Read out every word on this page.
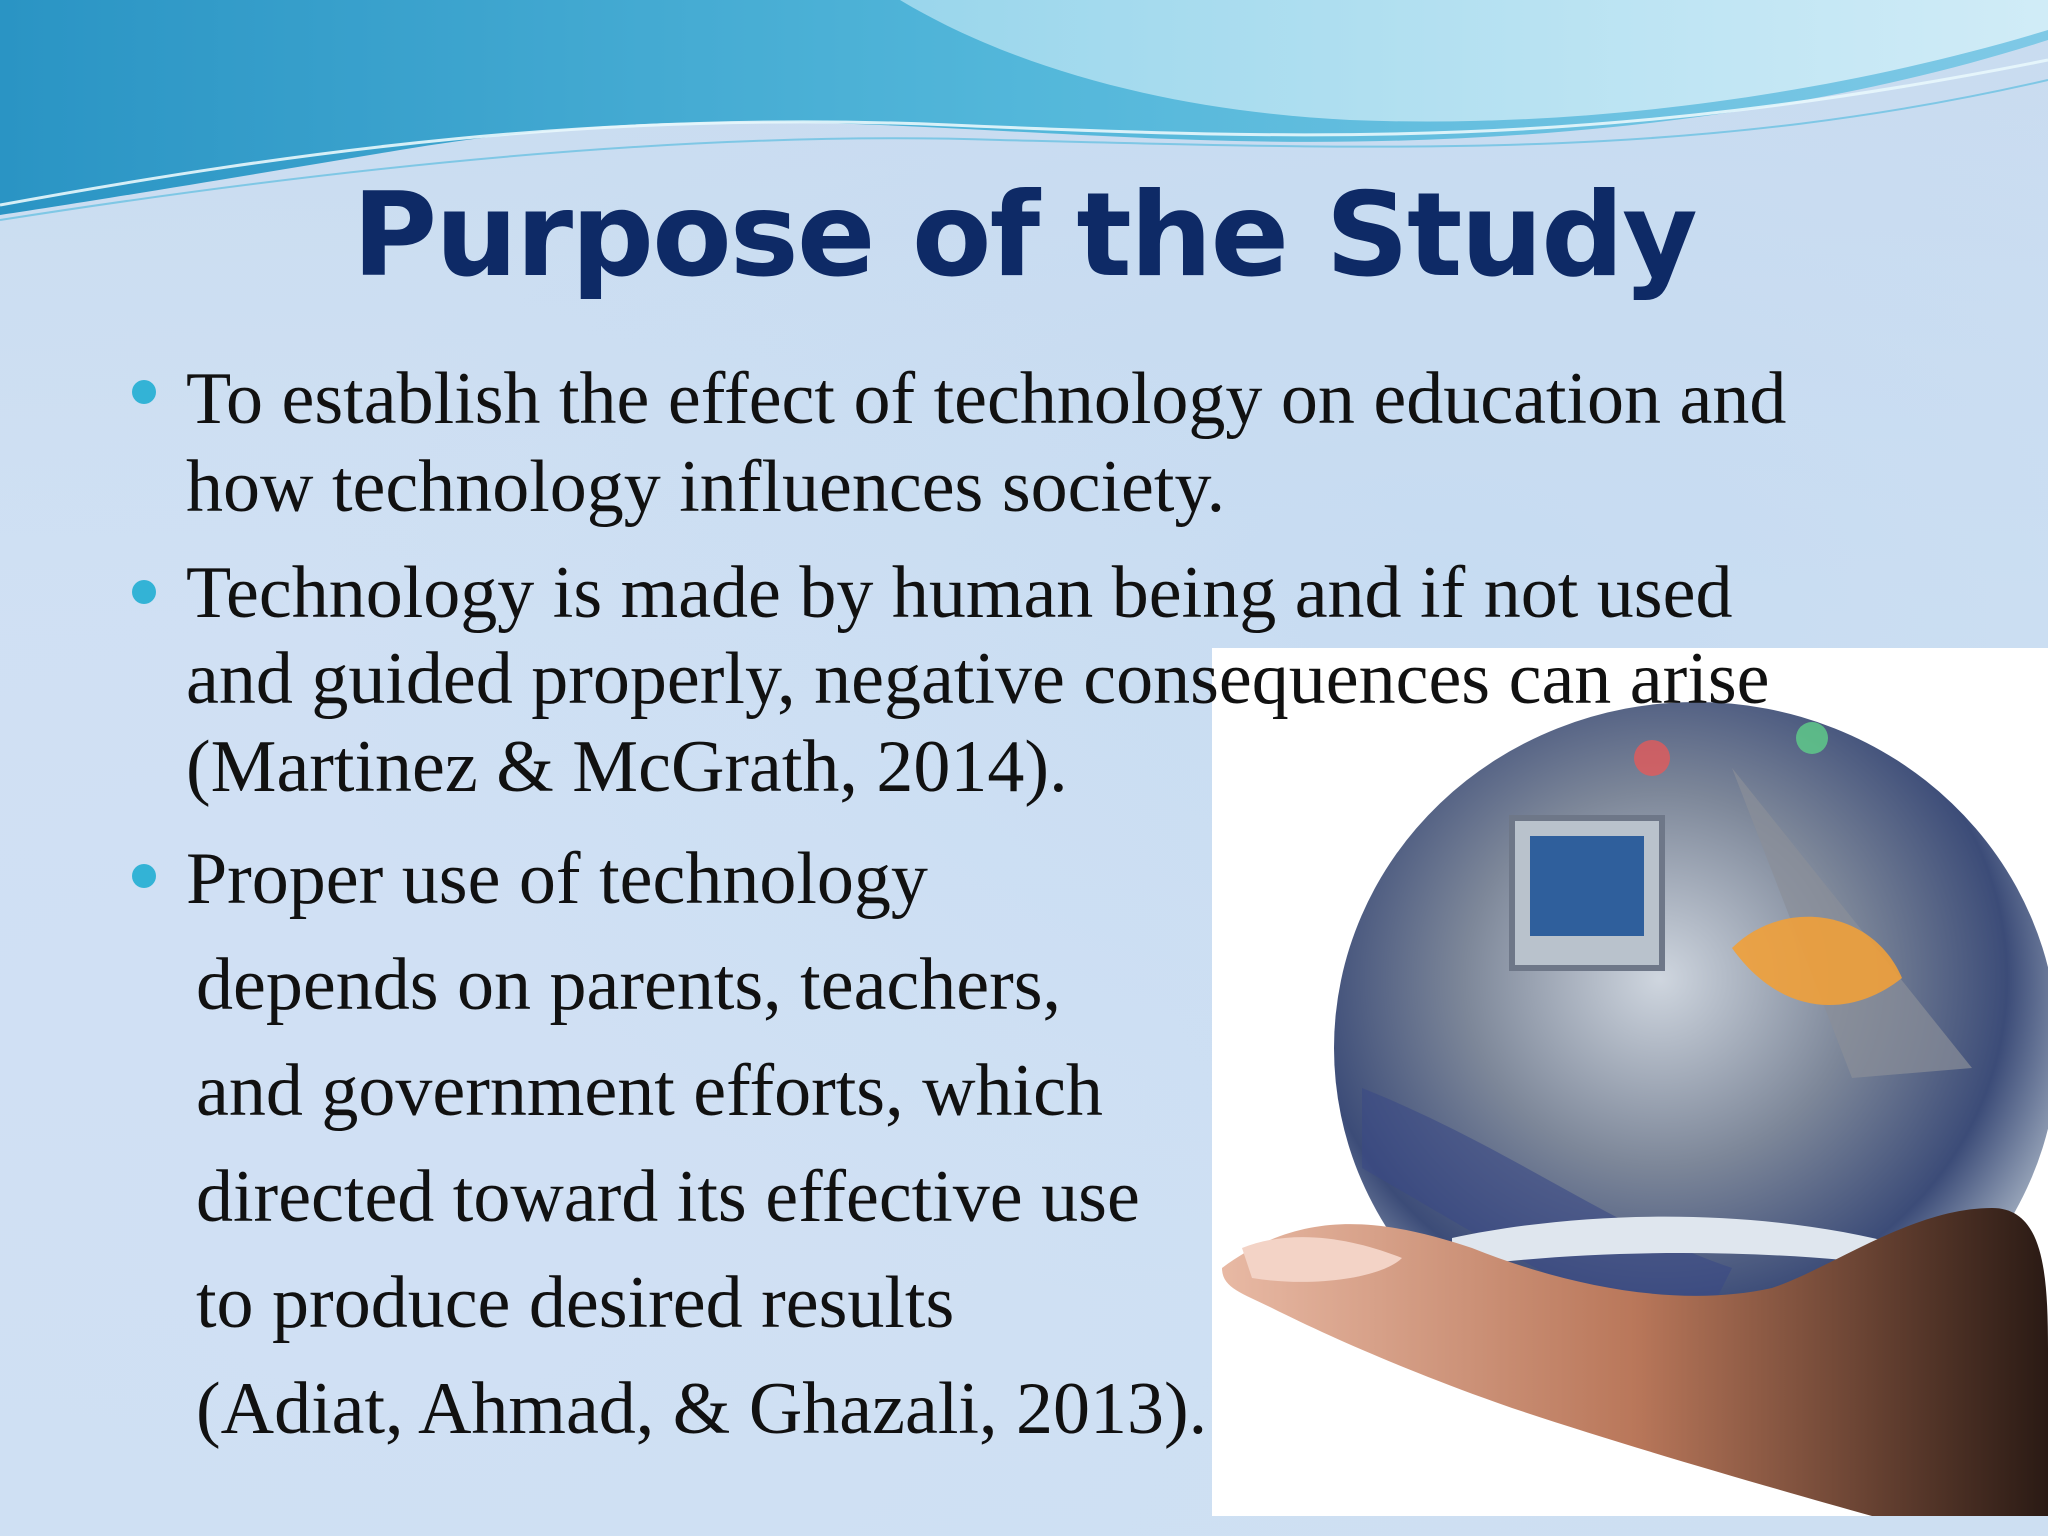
Purpose of the Study
To establish the effect of technology on education and
how technology influences society.
Technology is made by human being and if not used
and guided properly, negative consequences can arise
(Martinez & McGrath, 2014).
Proper use of technology
depends on parents, teachers,
and government efforts, which
directed toward its effective use
to produce desired results
(Adiat, Ahmad, & Ghazali, 2013).
